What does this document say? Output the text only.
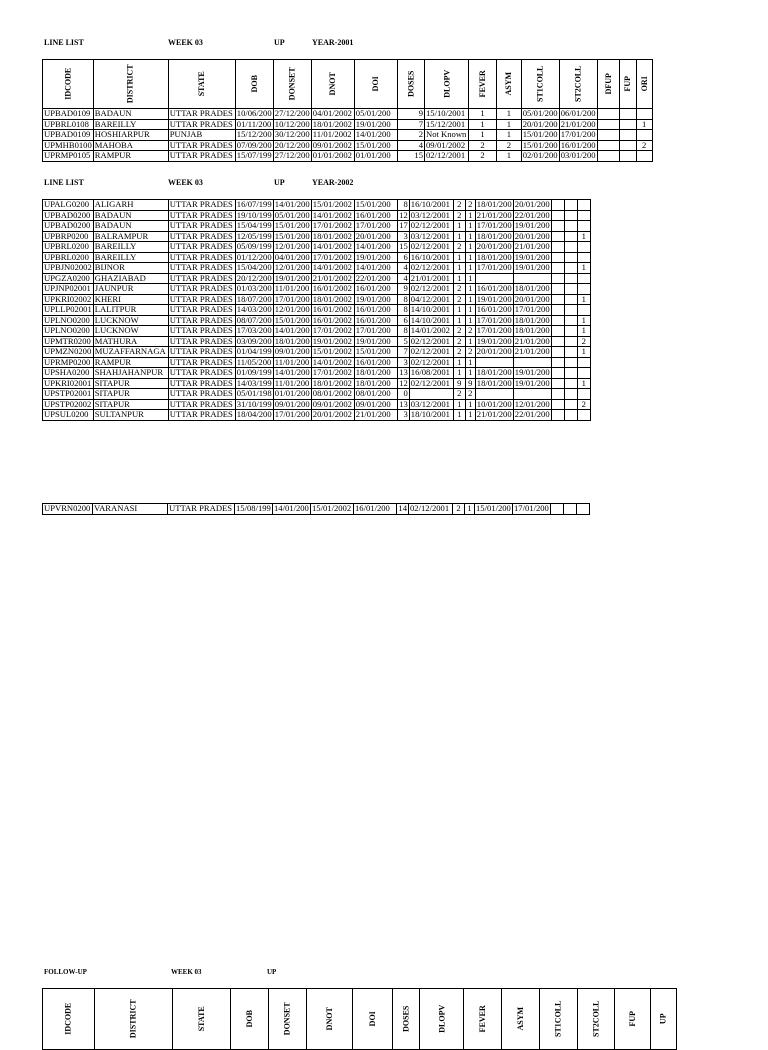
LINE LIST	WEEK 03	UP	YEAR-2001
IDCODE	DISTRICT	STATE	DOB	DONSET	DNOT	DOI	DOSES	DLOPV	FEVER	ASYM	ST1COLL	ST2COLL	DFUP	FUP	ORI
UPBAD0109	BADAUN	UTTAR PRADES	10/06/200	27/12/200	04/01/2002	05/01/200	9	15/10/2001	1	1	05/01/200	06/01/200			
UPBRL0108	BAREILLY	UTTAR PRADES	01/11/200	10/12/200	18/01/2002	19/01/200	7	15/12/2001	1	1	20/01/200	21/01/200			1
UPBAD0109	HOSHIARPUR	PUNJAB	15/12/200	30/12/200	11/01/2002	14/01/200	2	Not Known	1	1	15/01/200	17/01/200			
UPMHB0100	MAHOBA	UTTAR PRADES	07/09/200	20/12/200	09/01/2002	15/01/200	4	09/01/2002	2	2	15/01/200	16/01/200			2
UPRMP0105	RAMPUR	UTTAR PRADES	15/07/199	27/12/200	01/01/2002	01/01/200	15	02/12/2001	2	1	02/01/200	03/01/200			
LINE LIST	WEEK 03	UP	YEAR-2002
UPALG0200	ALIGARH	UTTAR PRADES	16/07/199	14/01/200	15/01/2002	15/01/200	8	16/10/2001	2	2	18/01/200	20/01/200			
UPBAD0200	BADAUN	UTTAR PRADES	19/10/199	05/01/200	14/01/2002	16/01/200	12	03/12/2001	2	1	21/01/200	22/01/200			
UPBAD0200	BADAUN	UTTAR PRADES	15/04/199	15/01/200	17/01/2002	17/01/200	17	02/12/2001	1	1	17/01/200	19/01/200			
UPBRP0200	BALRAMPUR	UTTAR PRADES	12/05/199	15/01/200	18/01/2002	20/01/200	3	03/12/2001	1	1	18/01/200	20/01/200			1
UPBRL0200	BAREILLY	UTTAR PRADES	05/09/199	12/01/200	14/01/2002	14/01/200	15	02/12/2001	2	1	20/01/200	21/01/200			
UPBRL0200	BAREILLY	UTTAR PRADES	01/12/200	04/01/200	17/01/2002	19/01/200	6	16/10/2001	1	1	18/01/200	19/01/200			
UPBJN02002	BIJNOR	UTTAR PRADES	15/04/200	12/01/200	14/01/2002	14/01/200	4	02/12/2001	1	1	17/01/200	19/01/200			1
UPGZA0200	GHAZIABAD	UTTAR PRADES	20/12/200	19/01/200	21/01/2002	22/01/200	4	21/01/2001	1	1					
UPJNP02001	JAUNPUR	UTTAR PRADES	01/03/200	11/01/200	16/01/2002	16/01/200	9	02/12/2001	2	1	16/01/200	18/01/200			
UPKRI02002	KHERI	UTTAR PRADES	18/07/200	17/01/200	18/01/2002	19/01/200	8	04/12/2001	2	1	19/01/200	20/01/200			1
UPLLP02001	LALITPUR	UTTAR PRADES	14/03/200	12/01/200	16/01/2002	16/01/200	8	14/10/2001	1	1	16/01/200	17/01/200			
UPLNO0200	LUCKNOW	UTTAR PRADES	08/07/200	15/01/200	16/01/2002	16/01/200	6	14/10/2001	1	1	17/01/200	18/01/200			1
UPLNO0200	LUCKNOW	UTTAR PRADES	17/03/200	14/01/200	17/01/2002	17/01/200	8	14/01/2002	2	2	17/01/200	18/01/200			1
UPMTR0200	MATHURA	UTTAR PRADES	03/09/200	18/01/200	19/01/2002	19/01/200	5	02/12/2001	2	1	19/01/200	21/01/200			2
UPMZN0200	MUZAFFARNAGA	UTTAR PRADES	01/04/199	09/01/200	15/01/2002	15/01/200	7	02/12/2001	2	2	20/01/200	21/01/200			1
UPRMP0200	RAMPUR	UTTAR PRADES	11/05/200	11/01/200	14/01/2002	16/01/200	3	02/12/2001	1	1					
UPSHA0200	SHAHJAHANPUR	UTTAR PRADES	01/09/199	14/01/200	17/01/2002	18/01/200	13	16/08/2001	1	1	18/01/200	19/01/200			
UPKRI02001	SITAPUR	UTTAR PRADES	14/03/199	11/01/200	18/01/2002	18/01/200	12	02/12/2001	9	9	18/01/200	19/01/200			1
UPSTP02001	SITAPUR	UTTAR PRADES	05/01/198	01/01/200	08/01/2002	08/01/200	0		2	2					
UPSTP02002	SITAPUR	UTTAR PRADES	31/10/199	09/01/200	09/01/2002	09/01/200	13	03/12/2001	1	1	10/01/200	12/01/200			2
UPSUL0200	SULTANPUR	UTTAR PRADES	18/04/200	17/01/200	20/01/2002	21/01/200	3	18/10/2001	1	1	21/01/200	22/01/200			
UPVRN0200	VARANASI	UTTAR PRADES	15/08/199	14/01/200	15/01/2002	16/01/200	14	02/12/2001	2	1	15/01/200	17/01/200			
FOLLOW-UP	WEEK 03	UP
IDCODE	DISTRICT	STATE	DOB	DONSET	DNOT	DOI	DOSES	DLOPV	FEVER	ASYM	ST1COLL	ST2COLL	FUP	UP
